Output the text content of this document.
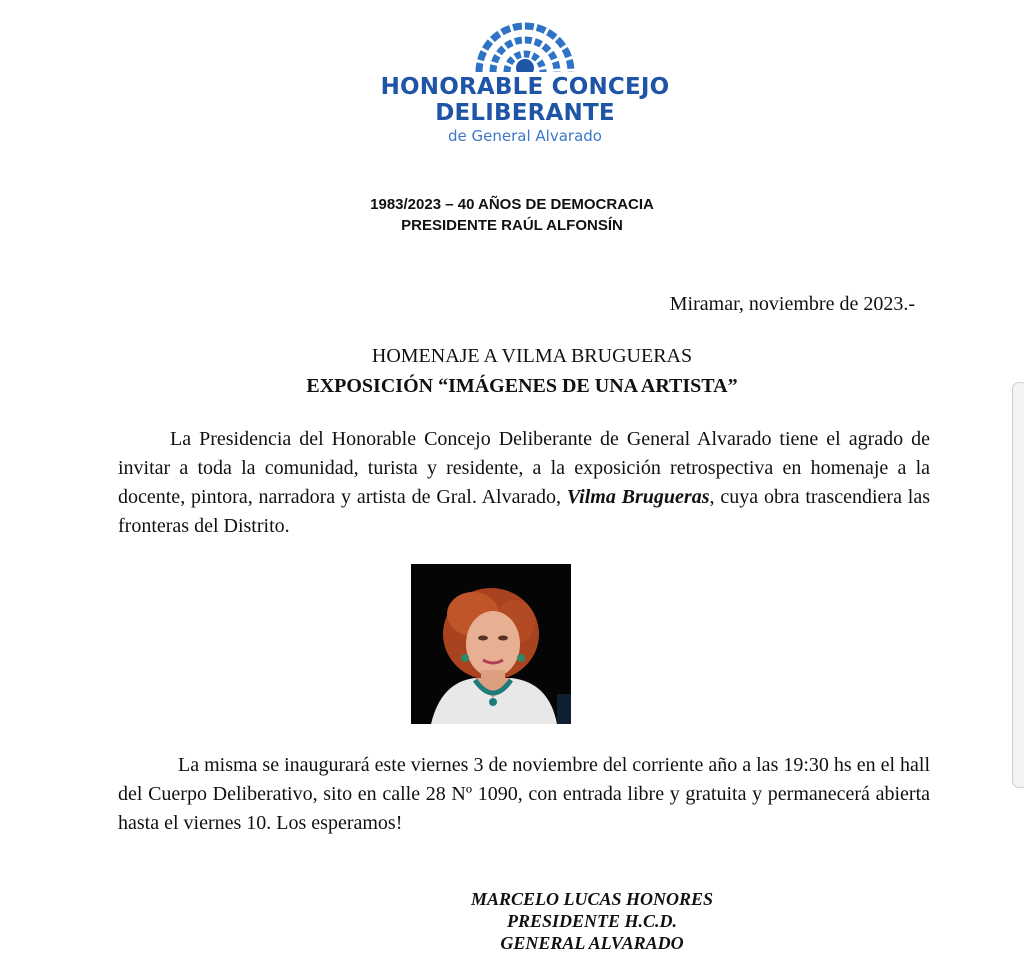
HONORABLE CONCEJO
DELIBERANTE
de General Alvarado
1983/2023 – 40 AÑOS DE DEMOCRACIA
PRESIDENTE RAÚL ALFONSÍN
Miramar, noviembre de 2023.-
HOMENAJE A VILMA BRUGUERAS
EXPOSICIÓN “IMÁGENES DE UNA ARTISTA”
La Presidencia del Honorable Concejo Deliberante de General Alvarado tiene el agrado de invitar a toda la comunidad, turista y residente, a la exposición retrospectiva en homenaje a la docente, pintora, narradora y artista de Gral. Alvarado, Vilma Brugueras, cuya obra trascendiera las fronteras del Distrito.
La misma se inaugurará este viernes 3 de noviembre del corriente año a las 19:30 hs en el hall del Cuerpo Deliberativo, sito en calle 28 Nº 1090, con entrada libre y gratuita y permanecerá abierta hasta el viernes 10. Los esperamos!
MARCELO LUCAS HONORES
PRESIDENTE H.C.D.
GENERAL ALVARADO
